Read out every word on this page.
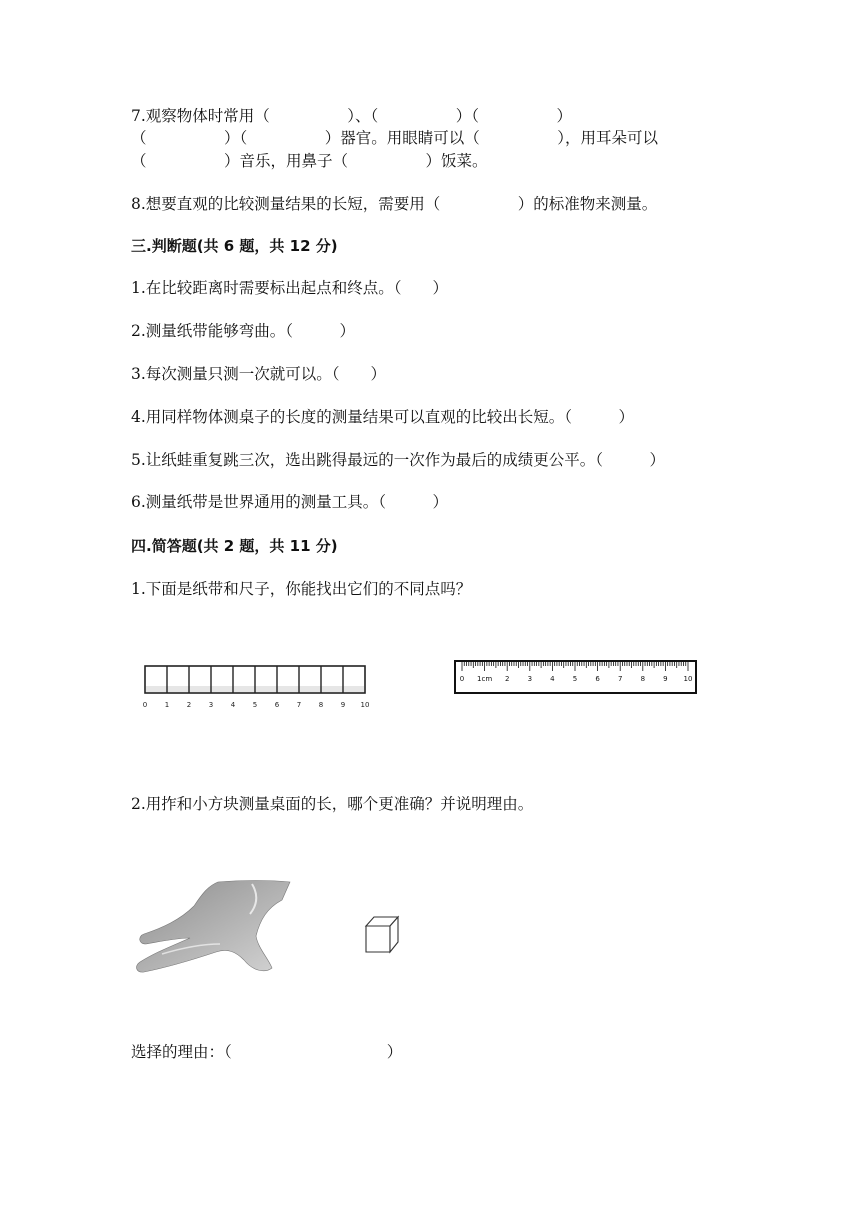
7.观察物体时常用（　　　　　）、（　　　　　）（　　　　　）
（　　　　　）（　　　　　）器官。用眼睛可以（　　　　　），用耳朵可以
（　　　　　）音乐，用鼻子（　　　　　）饭菜。
8.想要直观的比较测量结果的长短，需要用（　　　　　）的标准物来测量。
三.判断题(共 6 题，共 12 分)
1.在比较距离时需要标出起点和终点。（　　）
2.测量纸带能够弯曲。（　　　）
3.每次测量只测一次就可以。（　　）
4.用同样物体测桌子的长度的测量结果可以直观的比较出长短。（　　　）
5.让纸蛙重复跳三次，选出跳得最远的一次作为最后的成绩更公平。（　　　）
6.测量纸带是世界通用的测量工具。（　　　）
四.简答题(共 2 题，共 11 分)
1.下面是纸带和尺子，你能找出它们的不同点吗？
0	1	2	3	4	5	6	7	8	9 10
0 1cm 2	3	4	5	6	7	8	9 10
2.用拃和小方块测量桌面的长，哪个更准确？并说明理由。
选择的理由：（　　　　　　　　　　）
